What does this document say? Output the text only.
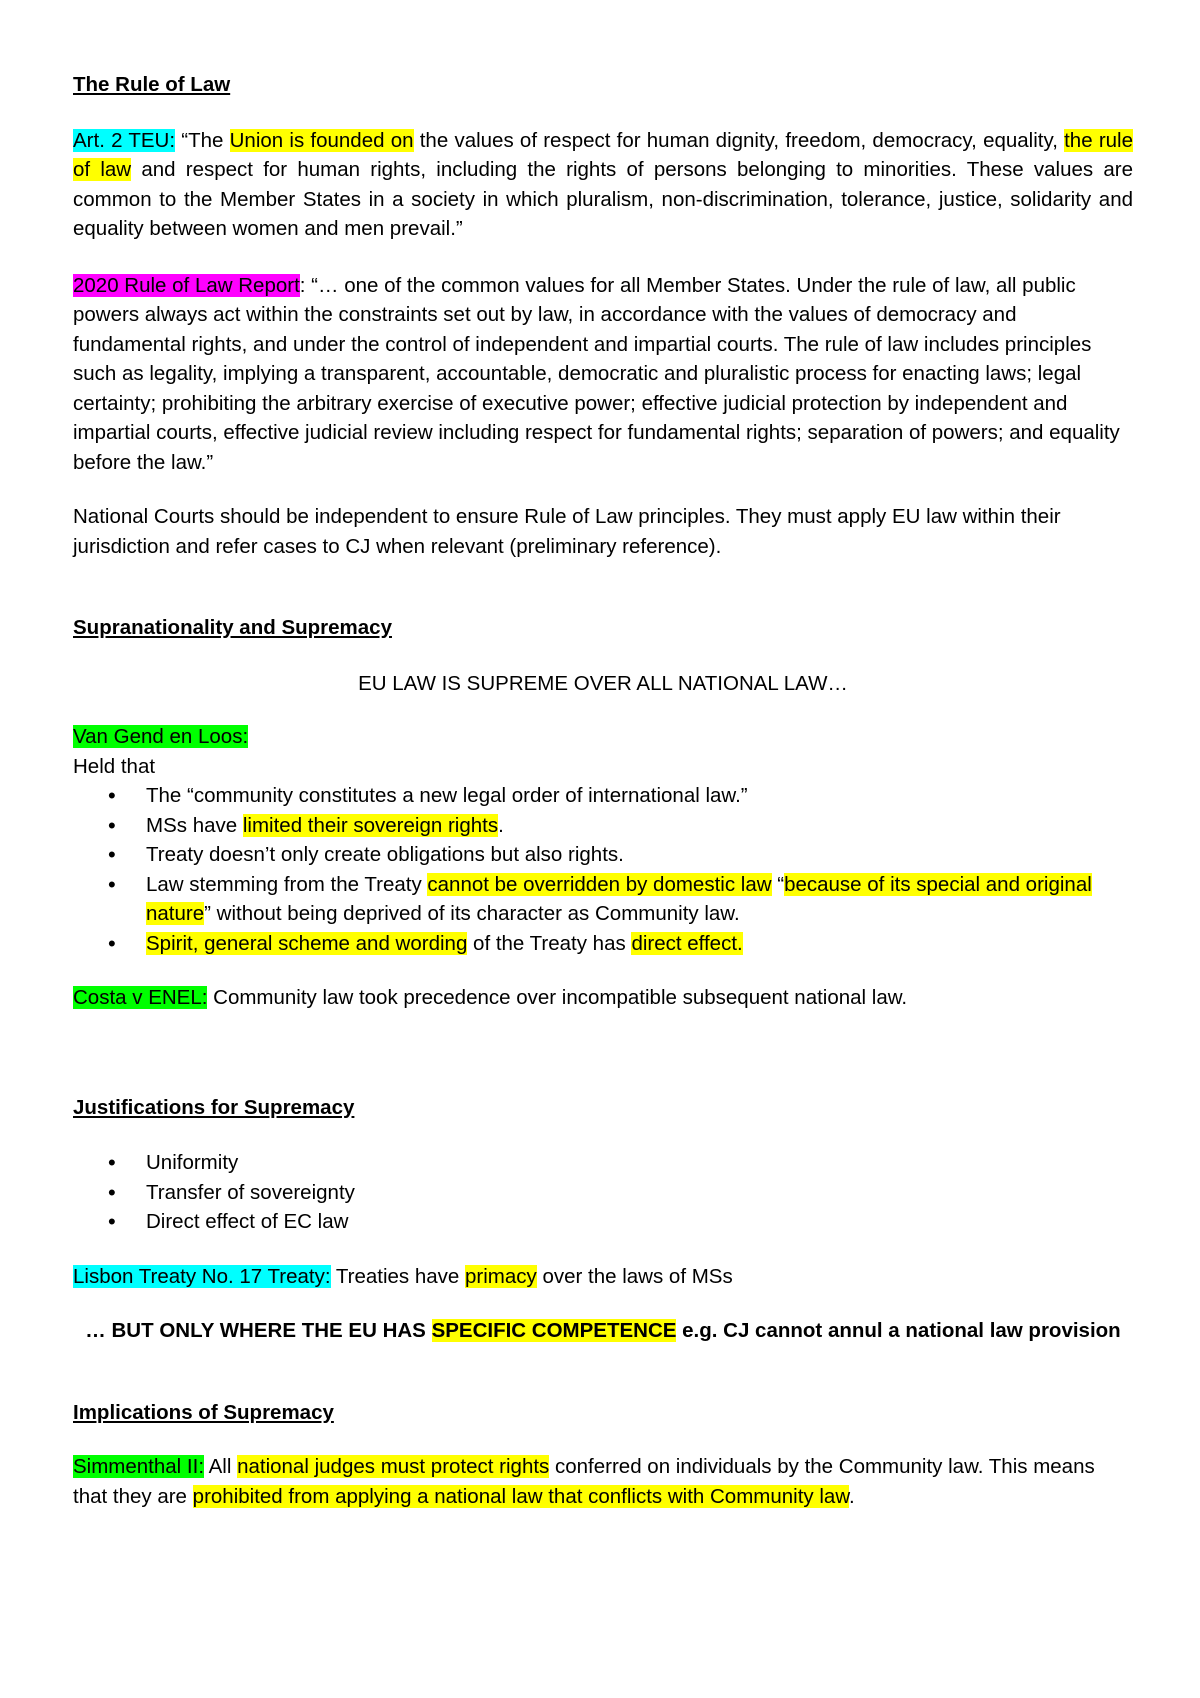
The Rule of Law

Art. 2 TEU: “The Union is founded on the values of respect for human dignity, freedom, democracy, equality, the rule of law and respect for human rights, including the rights of persons belonging to minorities. These values are common to the Member States in a society in which pluralism, non-discrimination, tolerance, justice, solidarity and equality between women and men prevail.”

2020 Rule of Law Report: “… one of the common values for all Member States. Under the rule of law, all public powers always act within the constraints set out by law, in accordance with the values of democracy and fundamental rights, and under the control of independent and impartial courts. The rule of law includes principles such as legality, implying a transparent, accountable, democratic and pluralistic process for enacting laws; legal certainty; prohibiting the arbitrary exercise of executive power; effective judicial protection by independent and impartial courts, effective judicial review including respect for fundamental rights; separation of powers; and equality before the law.”

National Courts should be independent to ensure Rule of Law principles. They must apply EU law within their jurisdiction and refer cases to CJ when relevant (preliminary reference).

Supranationality and Supremacy

EU LAW IS SUPREME OVER ALL NATIONAL LAW…

Van Gend en Loos:

Held that

•	The “community constitutes a new legal order of international law.”
•	MSs have limited their sovereign rights.
•	Treaty doesn’t only create obligations but also rights.
•	Law stemming from the Treaty cannot be overridden by domestic law “because of its special and original nature” without being deprived of its character as Community law.
•	Spirit, general scheme and wording of the Treaty has direct effect.

Costa v ENEL: Community law took precedence over incompatible subsequent national law.

Justifications for Supremacy

•	Uniformity
•	Transfer of sovereignty
•	Direct effect of EC law

Lisbon Treaty No. 17 Treaty: Treaties have primacy over the laws of MSs

… BUT ONLY WHERE THE EU HAS SPECIFIC COMPETENCE e.g. CJ cannot annul a national law provision

Implications of Supremacy

Simmenthal II: All national judges must protect rights conferred on individuals by the Community law. This means that they are prohibited from applying a national law that conflicts with Community law.
